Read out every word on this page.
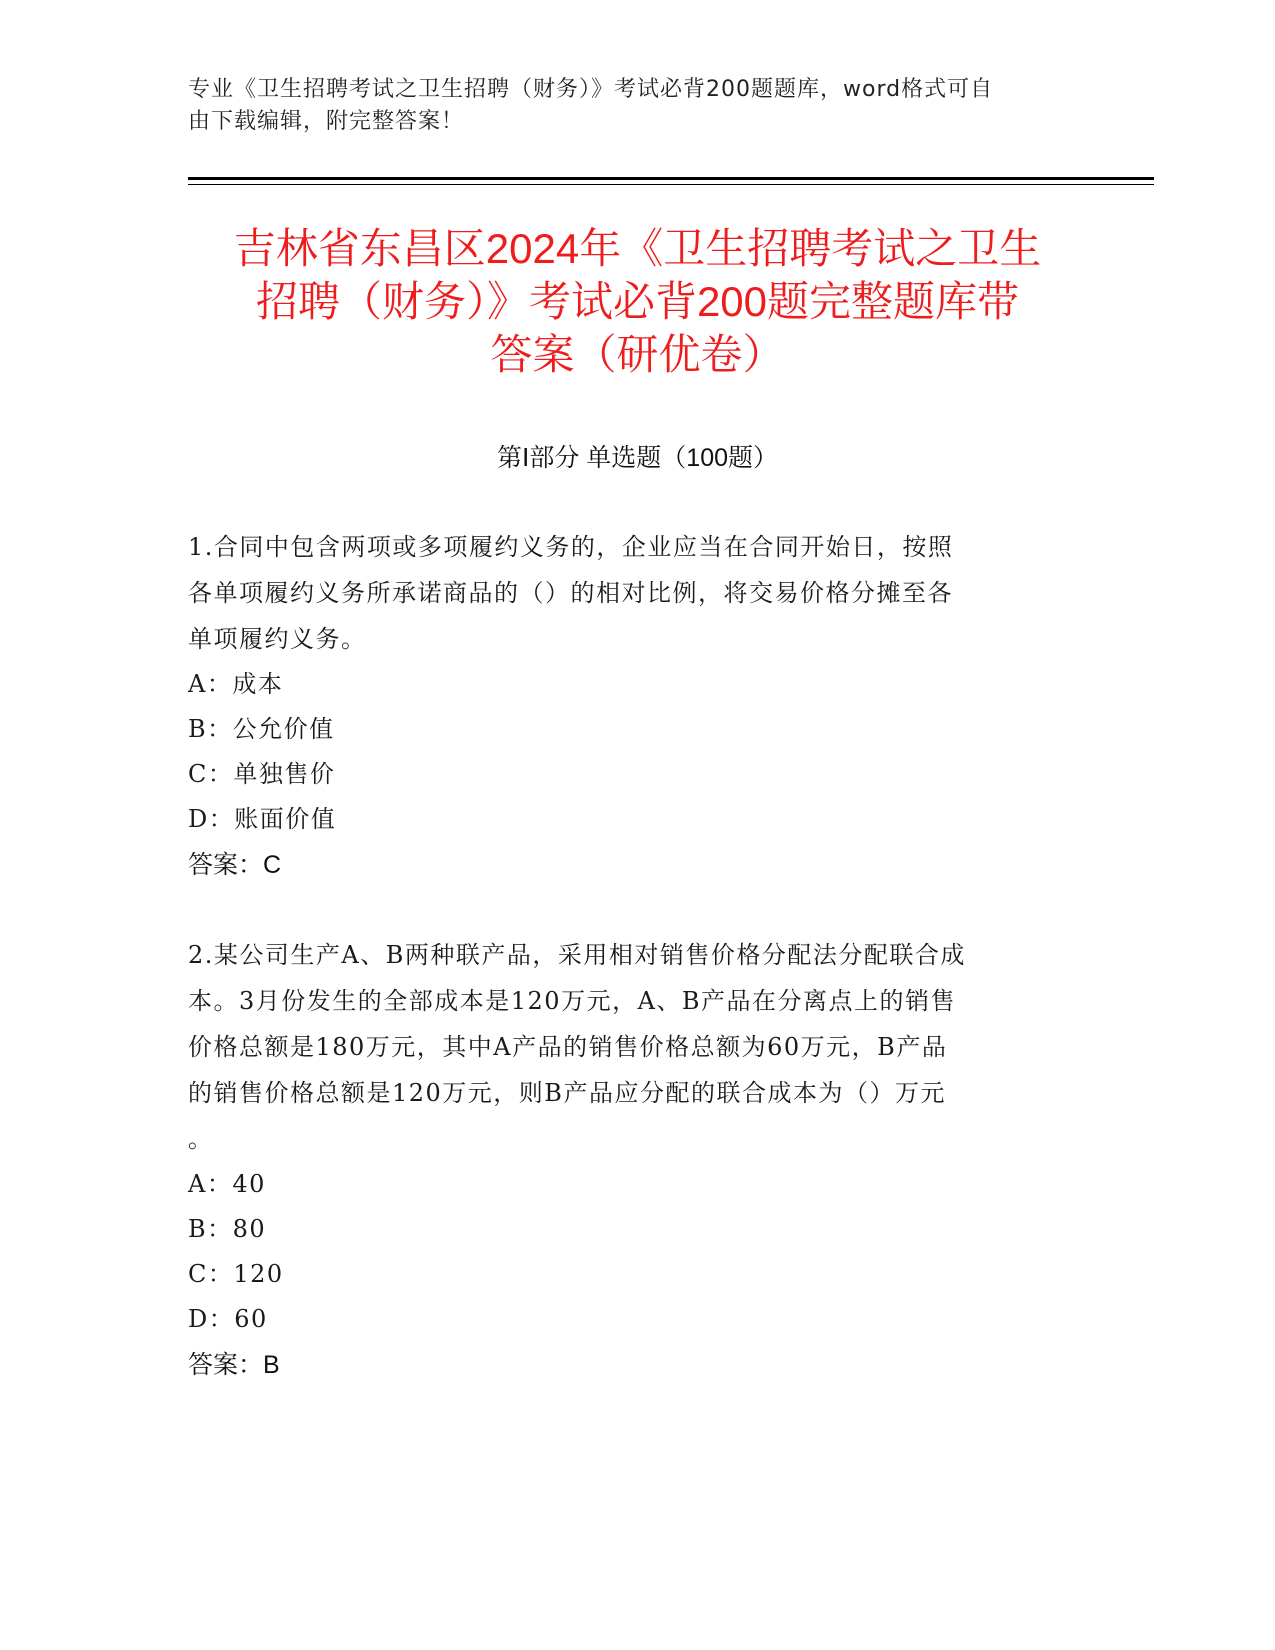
专业《卫生招聘考试之卫生招聘（财务）》考试必背200题题库，word格式可自
由下载编辑，附完整答案！
吉林省东昌区2024年《卫生招聘考试之卫生
招聘（财务）》考试必背200题完整题库带
答案（研优卷）
第Ⅰ部分 单选题（100题）
1.合同中包含两项或多项履约义务的，企业应当在合同开始日，按照
各单项履约义务所承诺商品的（）的相对比例，将交易价格分摊至各
单项履约义务。
A：成本
B：公允价值
C：单独售价
D：账面价值
答案：C
2.某公司生产A、B两种联产品，采用相对销售价格分配法分配联合成
本。3月份发生的全部成本是120万元，A、B产品在分离点上的销售
价格总额是180万元，其中A产品的销售价格总额为60万元，B产品
的销售价格总额是120万元，则B产品应分配的联合成本为（）万元
。
A：40
B：80
C：120
D：60
答案：B
